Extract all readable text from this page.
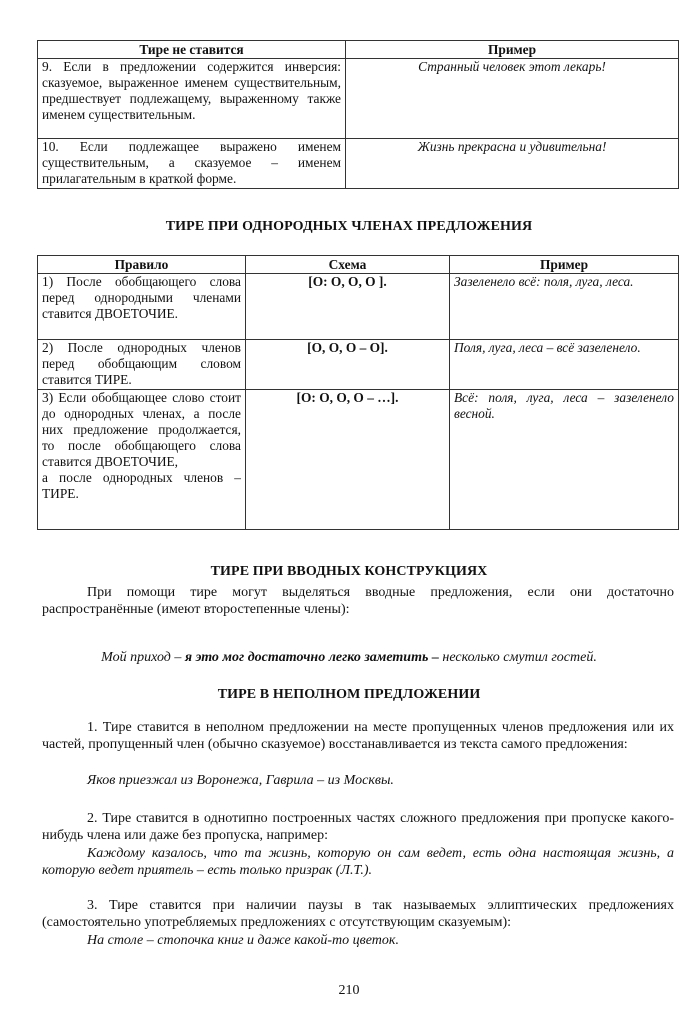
Тире не ставится	Пример
9. Если в предложении содержится инверсия: сказуемое, выраженное именем существительным, предшествует подлежащему, выраженному также именем существительным.	Странный человек этот лекарь!
10. Если подлежащее выражено именем существительным, а сказуемое – именем прилагательным в краткой форме.	Жизнь прекрасна и удивительна!
ТИРЕ ПРИ ОДНОРОДНЫХ ЧЛЕНАХ ПРЕДЛОЖЕНИЯ
Правило	Схема	Пример
1) После обобщающего слова перед однородными членами ставится ДВОЕТОЧИЕ.	[O: O, O, O ].	Зазеленело всё: поля, луга, леса.
2) После однородных членов перед обобщающим словом ставится ТИРЕ.	[O, O, O – O].	Поля, луга, леса – всё зазеленело.

3) Если обобщающее слово стоит до однородных членах, а после них предложение продолжается, то после обобщающего слова ставится ДВОЕТОЧИЕ,
а после однородных членов – ТИРЕ.	[O: O, O, O – …].	Всё: поля, луга, леса – зазеленело весной.
ТИРЕ ПРИ ВВОДНЫХ КОНСТРУКЦИЯХ

При помощи тире могут выделяться вводные предложения, если они достаточно распространённые (имеют второстепенные члены):

Мой приход – я это мог достаточно легко заметить – несколько смутил гостей.
ТИРЕ В НЕПОЛНОМ ПРЕДЛОЖЕНИИ

1. Тире ставится в неполном предложении на месте пропущенных членов предложения или их частей, пропущенный член (обычно сказуемое) восстанавливается из текста самого предложения:

Яков приезжал из Воронежа, Гаврила – из Москвы.

2. Тире ставится в однотипно построенных частях сложного предложения при пропуске какого-нибудь члена или даже без пропуска, например:

Каждому казалось, что та жизнь, которую он сам ведет, есть одна настоящая жизнь, а которую ведет приятель – есть только призрак (Л.Т.).

3. Тире ставится при наличии паузы в так называемых эллиптических предложениях (самостоятельно употребляемых предложениях с отсутствующим сказуемым):

На столе – стопочка книг и даже какой-то цветок.
210
